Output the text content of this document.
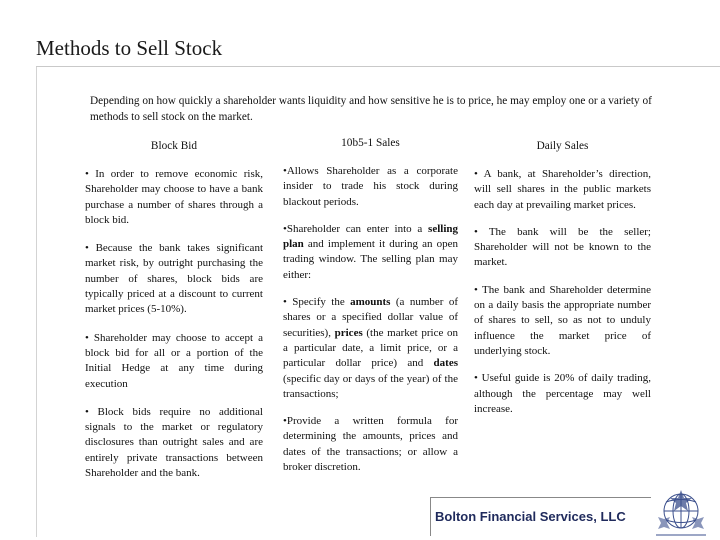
Methods to Sell Stock

Depending on how quickly a shareholder wants liquidity and how sensitive he is to price, he may employ one or a variety of methods to sell stock on the market.

Block Bid

• In order to remove economic risk, Shareholder may choose to have a bank purchase a number of shares through a block bid.

• Because the bank takes significant market risk, by outright purchasing the number of shares, block bids are typically priced at a discount to current market prices (5-10%).

• Shareholder may choose to accept a block bid for all or a portion of the Initial Hedge at any time during execution

• Block bids require no additional signals to the market or regulatory disclosures than outright sales and are entirely private transactions between Shareholder and the bank.

10b5-1 Sales

•Allows Shareholder as a corporate insider to trade his stock during blackout periods.

•Shareholder can enter into a selling plan and implement it during an open trading window. The selling plan may either:

• Specify the amounts (a number of shares or a specified dollar value of securities), prices (the market price on a particular date, a limit price, or a particular dollar price) and dates (specific day or days of the year) of the transactions;

•Provide a written formula for determining the amounts, prices and dates of the transactions; or allow a broker discretion.

Daily Sales

• A bank, at Shareholder’s direction, will sell shares in the public markets each day at prevailing market prices.

• The bank will be the seller; Shareholder will not be known to the market.

• The bank and Shareholder determine on a daily basis the appropriate number of shares to sell, so as not to unduly influence the market price of underlying stock.

• Useful guide is 20% of daily trading, although the percentage may well increase.

Bolton Financial Services, LLC
